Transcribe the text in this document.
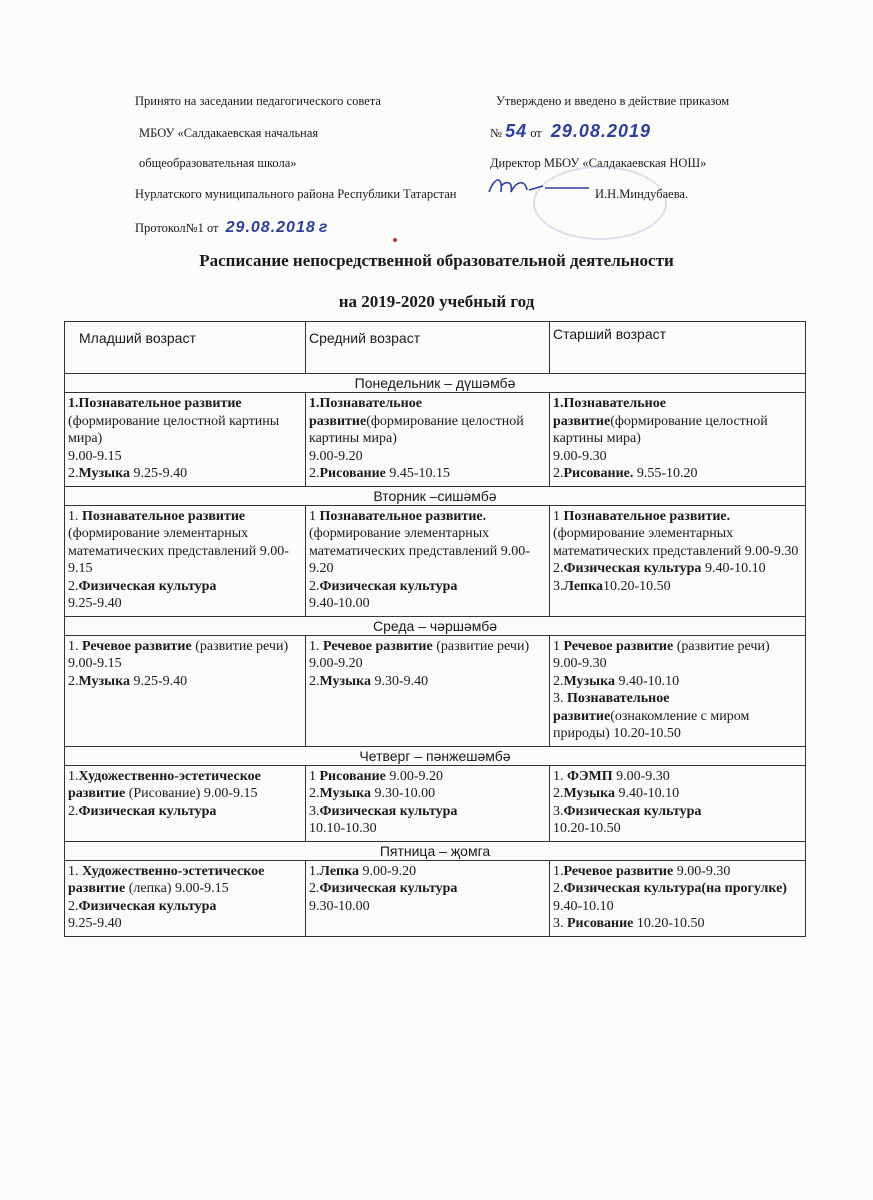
Принято на заседании педагогического совета
МБОУ «Салдакаевская начальная
общеобразовательная школа»
Нурлатского муниципального района Республики Татарстан
Протокол№1 от 29.08.2018 г
Утверждено и введено в действие приказом
№ 54 от 29.08.2019
Директор МБОУ «Салдакаевская НОШ»
И.Н.Миндубаева.
Расписание непосредственной образовательной деятельности
на 2019-2020 учебный год
Младший возраст	Средний возраст	Старший возраст
Понедельник – дүшәмбә		
1.Познавательное развитие (формирование целостной картины мира)
9.00-9.15
2.Музыка 9.25-9.40	1.Познавательное развитие(формирование целостной картины мира)
9.00-9.20
2.Рисование 9.45-10.15	1.Познавательное развитие(формирование целостной картины мира)
9.00-9.30
2.Рисование. 9.55-10.20
Вторник –сишәмбә		
1. Познавательное развитие (формирование элементарных математических представлений 9.00-9.15
2.Физическая культура
9.25-9.40	1 Познавательное развитие.(формирование элементарных математических представлений 9.00-9.20
2.Физическая культура
9.40-10.00	1 Познавательное развитие.(формирование элементарных математических представлений 9.00-9.30
2.Физическая культура 9.40-10.10
3.Лепка10.20-10.50
Среда – чәршәмбә		
1. Речевое развитие (развитие речи) 9.00-9.15
2.Музыка 9.25-9.40	1. Речевое развитие (развитие речи) 9.00-9.20
2.Музыка 9.30-9.40	1 Речевое развитие (развитие речи) 9.00-9.30
2.Музыка 9.40-10.10
3. Познавательное развитие(ознакомление с миром природы) 10.20-10.50
Четверг – пәнжешәмбә		
1.Художественно-эстетическое развитие (Рисование) 9.00-9.15
2.Физическая культура	1 Рисование 9.00-9.20
2.Музыка 9.30-10.00
3.Физическая культура
10.10-10.30	1. ФЭМП 9.00-9.30
2.Музыка 9.40-10.10
3.Физическая культура
10.20-10.50
Пятница – җомга		
1. Художественно-эстетическое развитие (лепка) 9.00-9.15
2.Физическая культура
9.25-9.40	1.Лепка 9.00-9.20
2.Физическая культура
9.30-10.00	1.Речевое развитие 9.00-9.30
2.Физическая культура(на прогулке) 9.40-10.10
3. Рисование 10.20-10.50
